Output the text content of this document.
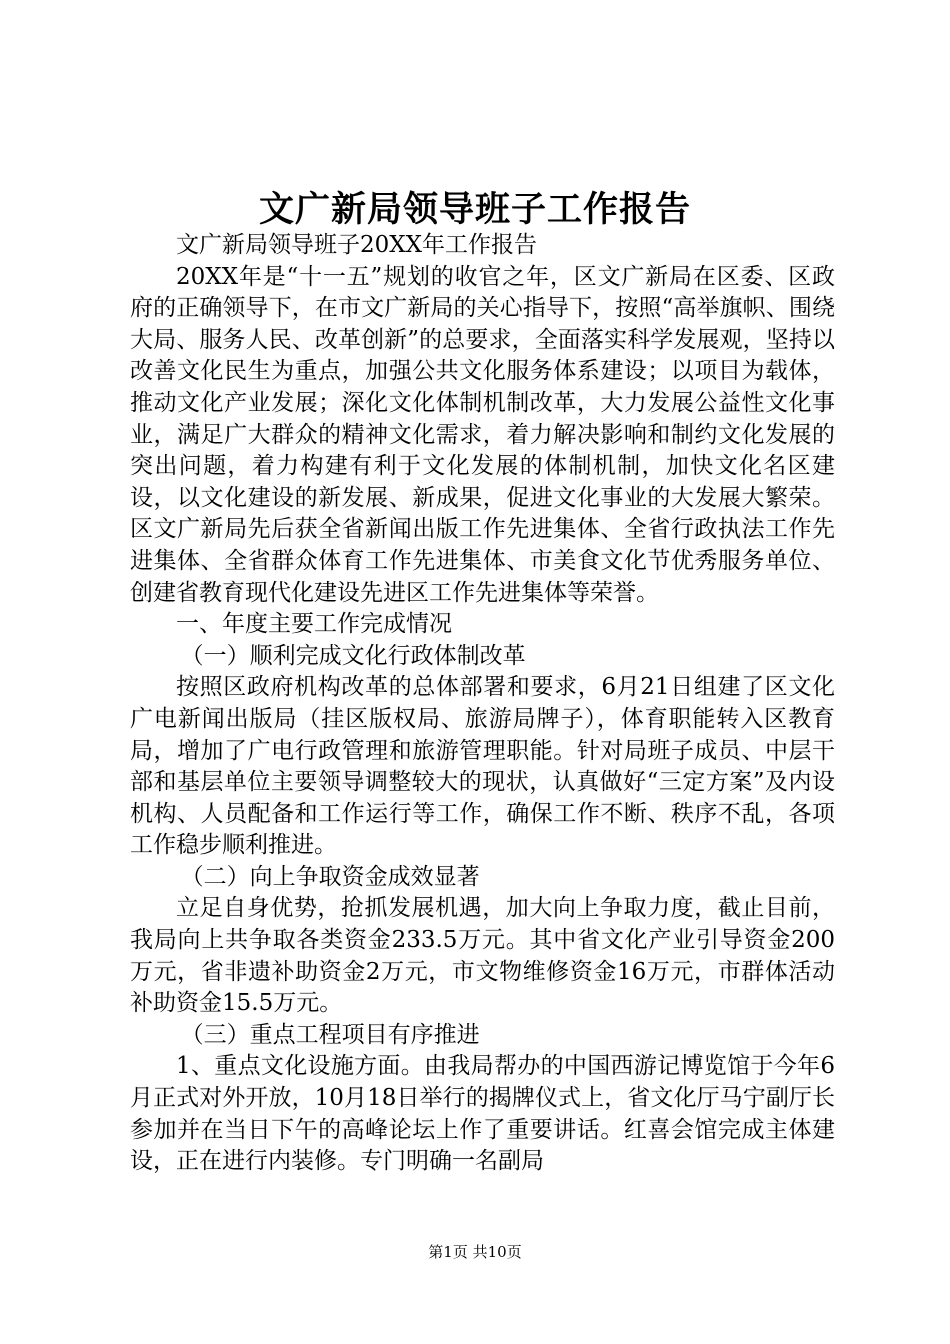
文广新局领导班子工作报告

文广新局领导班子20XX年工作报告

20XX年是“十一五”规划的收官之年，区文广新局在区委、区政府的正确领导下，在市文广新局的关心指导下，按照“高举旗帜、围绕大局、服务人民、改革创新”的总要求，全面落实科学发展观，坚持以改善文化民生为重点，加强公共文化服务体系建设；以项目为载体，推动文化产业发展；深化文化体制机制改革，大力发展公益性文化事业，满足广大群众的精神文化需求，着力解决影响和制约文化发展的突出问题，着力构建有利于文化发展的体制机制，加快文化名区建设，以文化建设的新发展、新成果，促进文化事业的大发展大繁荣。区文广新局先后获全省新闻出版工作先进集体、全省行政执法工作先进集体、全省群众体育工作先进集体、市美食文化节优秀服务单位、创建省教育现代化建设先进区工作先进集体等荣誉。

一、年度主要工作完成情况

（一）顺利完成文化行政体制改革

按照区政府机构改革的总体部署和要求，6月21日组建了区文化广电新闻出版局（挂区版权局、旅游局牌子），体育职能转入区教育局，增加了广电行政管理和旅游管理职能。针对局班子成员、中层干部和基层单位主要领导调整较大的现状，认真做好“三定方案”及内设机构、人员配备和工作运行等工作，确保工作不断、秩序不乱，各项工作稳步顺利推进。

（二）向上争取资金成效显著

立足自身优势，抢抓发展机遇，加大向上争取力度，截止目前，我局向上共争取各类资金233.5万元。其中省文化产业引导资金200万元，省非遗补助资金2万元，市文物维修资金16万元，市群体活动补助资金15.5万元。

（三）重点工程项目有序推进

1、重点文化设施方面。由我局帮办的中国西游记博览馆于今年6月正式对外开放，10月18日举行的揭牌仪式上，省文化厅马宁副厅长参加并在当日下午的高峰论坛上作了重要讲话。红喜会馆完成主体建设，正在进行内装修。专门明确一名副局

第1页 共10页
